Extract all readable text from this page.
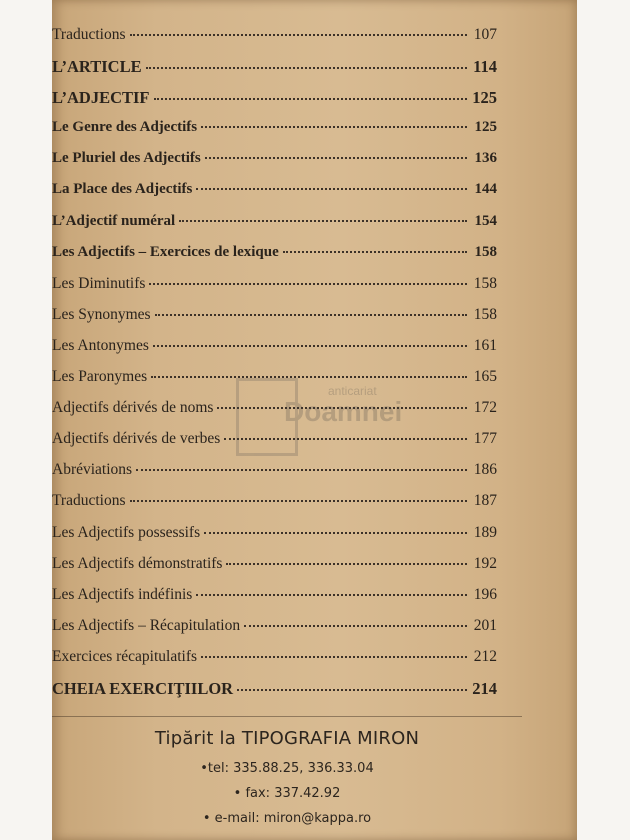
Traductions	107
L’ARTICLE	114
L’ADJECTIF	125
Le Genre des Adjectifs	125
Le Pluriel des Adjectifs	136
La Place des Adjectifs	144
L’Adjectif numéral	154
Les Adjectifs – Exercices de lexique	158
Les Diminutifs	158
Les Synonymes	158
Les Antonymes	161
Les Paronymes	165
Adjectifs dérivés de noms	172
Adjectifs dérivés de verbes	177
Abréviations	186
Traductions	187
Les Adjectifs possessifs	189
Les Adjectifs démonstratifs	192
Les Adjectifs indéfinis	196
Les Adjectifs – Récapitulation	201
Exercices récapitulatifs	212
CHEIA EXERCIŢIILOR	214
Tipărit la TIPOGRAFIA MIRON
•tel: 335.88.25, 336.33.04
• fax: 337.42.92
• e-mail: miron@kappa.ro
anticariat
Doamnei
